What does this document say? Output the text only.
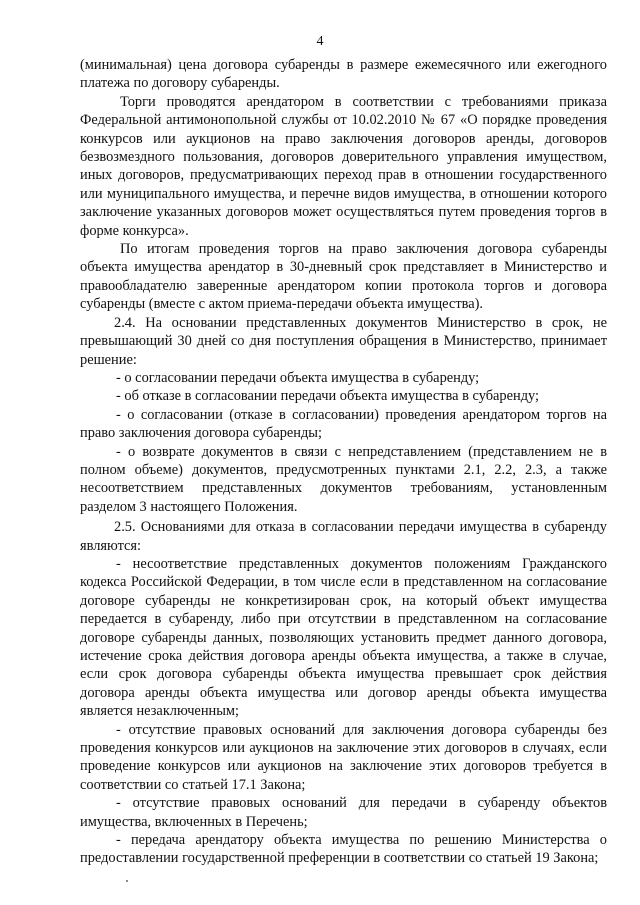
4

(минимальная) цена договора субаренды в размере ежемесячного или ежегодного платежа по договору субаренды.

Торги проводятся арендатором в соответствии с требованиями приказа Федеральной антимонопольной службы от 10.02.2010 № 67 «О порядке проведения конкурсов или аукционов на право заключения договоров аренды, договоров безвозмездного пользования, договоров доверительного управления имуществом, иных договоров, предусматривающих переход прав в отношении государственного или муниципального имущества, и перечне видов имущества, в отношении которого заключение указанных договоров может осуществляться путем проведения торгов в форме конкурса».

По итогам проведения торгов на право заключения договора субаренды объекта имущества арендатор в 30-дневный срок представляет в Министерство и правообладателю заверенные арендатором копии протокола торгов и договора субаренды (вместе с актом приема-передачи объекта имущества).

2.4. На основании представленных документов Министерство в срок, не превышающий 30 дней со дня поступления обращения в Министерство, принимает решение:

- о согласовании передачи объекта имущества в субаренду;

- об отказе в согласовании передачи объекта имущества в субаренду;

- о согласовании (отказе в согласовании) проведения арендатором торгов на право заключения договора субаренды;

- о возврате документов в связи с непредставлением (представлением не в полном объеме) документов, предусмотренных пунктами 2.1, 2.2, 2.3, а также несоответствием представленных документов требованиям, установленным разделом 3 настоящего Положения.

2.5. Основаниями для отказа в согласовании передачи имущества в субаренду являются:

- несоответствие представленных документов положениям Гражданского кодекса Российской Федерации, в том числе если в представленном на согласование договоре субаренды не конкретизирован срок, на который объект имущества передается в субаренду, либо при отсутствии в представленном на согласование договоре субаренды данных, позволяющих установить предмет данного договора, истечение срока действия договора аренды объекта имущества, а также в случае, если срок договора субаренды объекта имущества превышает срок действия договора аренды объекта имущества или договор аренды объекта имущества является незаключенным;

- отсутствие правовых оснований для заключения договора субаренды без проведения конкурсов или аукционов на заключение этих договоров в случаях, если проведение конкурсов или аукционов на заключение этих договоров требуется в соответствии со статьей 17.1 Закона;

- отсутствие правовых оснований для передачи в субаренду объектов имущества, включенных в Перечень;

- передача арендатору объекта имущества по решению Министерства о предоставлении государственной преференции в соответствии со статьей 19 Закона;
